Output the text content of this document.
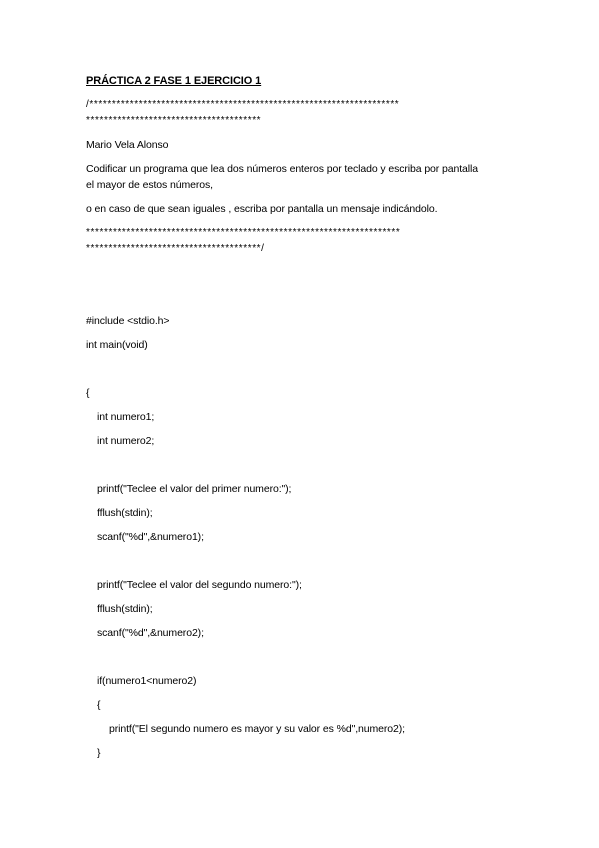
PRÁCTICA 2 FASE 1 EJERCICIO 1
/*********************************************************************
***************************************
Mario Vela Alonso
Codificar un programa que lea dos números enteros por teclado y escriba por pantalla
el mayor de estos números,
o en caso de que sean iguales , escriba por pantalla un mensaje indicándolo.
**********************************************************************
***************************************/
#include <stdio.h>
int main(void)
{
int numero1;
int numero2;
printf("Teclee el valor del primer numero:");
fflush(stdin);
scanf("%d",&numero1);
printf("Teclee el valor del segundo numero:");
fflush(stdin);
scanf("%d",&numero2);
if(numero1<numero2)
{
printf("El segundo numero es mayor y su valor es %d",numero2);
}
